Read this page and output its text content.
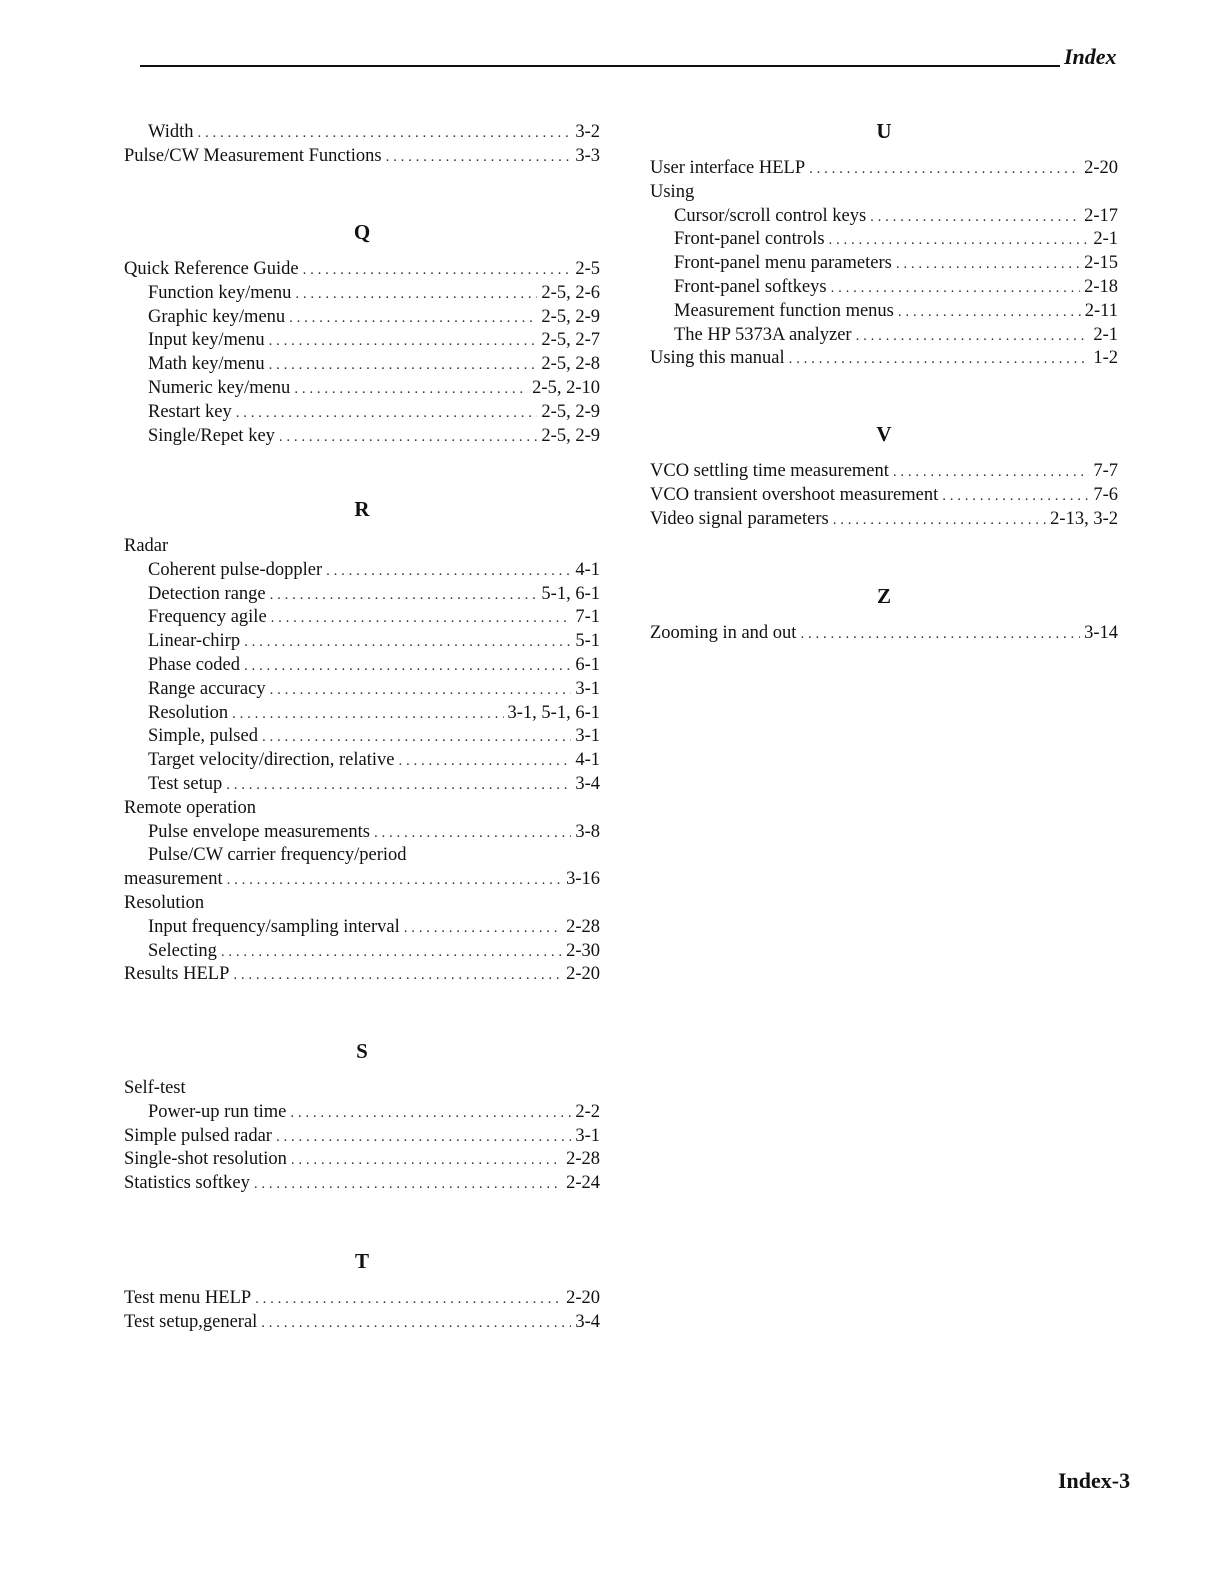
Index
Width . . .	3-2
Pulse/CW Measurement Functions . . .	3-3
Q
Quick Reference Guide . . .	2-5
Function key/menu . . .	2-5, 2-6
Graphic key/menu . . .	2-5, 2-9
Input key/menu . . .	2-5, 2-7
Math key/menu . . .	2-5, 2-8
Numeric key/menu . . .	2-5, 2-10
Restart key . . .	2-5, 2-9
Single/Repet key . . .	2-5, 2-9
R
Radar
Coherent pulse-doppler . . .	4-1
Detection range . . .	5-1, 6-1
Frequency agile . . .	7-1
Linear-chirp . . .	5-1
Phase coded . . .	6-1
Range accuracy . . .	3-1
Resolution . . .	3-1, 5-1, 6-1
Simple, pulsed . . .	3-1
Target velocity/direction, relative . . .	4-1
Test setup . . .	3-4
Remote operation
Pulse envelope measurements . . .	3-8
Pulse/CW carrier frequency/period
measurement . . .	3-16
Resolution
Input frequency/sampling interval . . .	2-28
Selecting . . .	2-30
Results HELP . . .	2-20
S
Self-test
Power-up run time . . .	2-2
Simple pulsed radar . . .	3-1
Single-shot resolution . . .	2-28
Statistics softkey . . .	2-24
T
Test menu HELP . . .	2-20
Test setup,general . . .	3-4
U
User interface HELP . . .	2-20
Using
Cursor/scroll control keys . . .	2-17
Front-panel controls . . .	2-1
Front-panel menu parameters . . .	2-15
Front-panel softkeys . . .	2-18
Measurement function menus . . .	2-11
The HP 5373A analyzer . . .	2-1
Using this manual . . .	1-2
V
VCO settling time measurement . . .	7-7
VCO transient overshoot measurement . . .	7-6
Video signal parameters . . .	2-13, 3-2
Z
Zooming in and out . . .	3-14
Index-3
